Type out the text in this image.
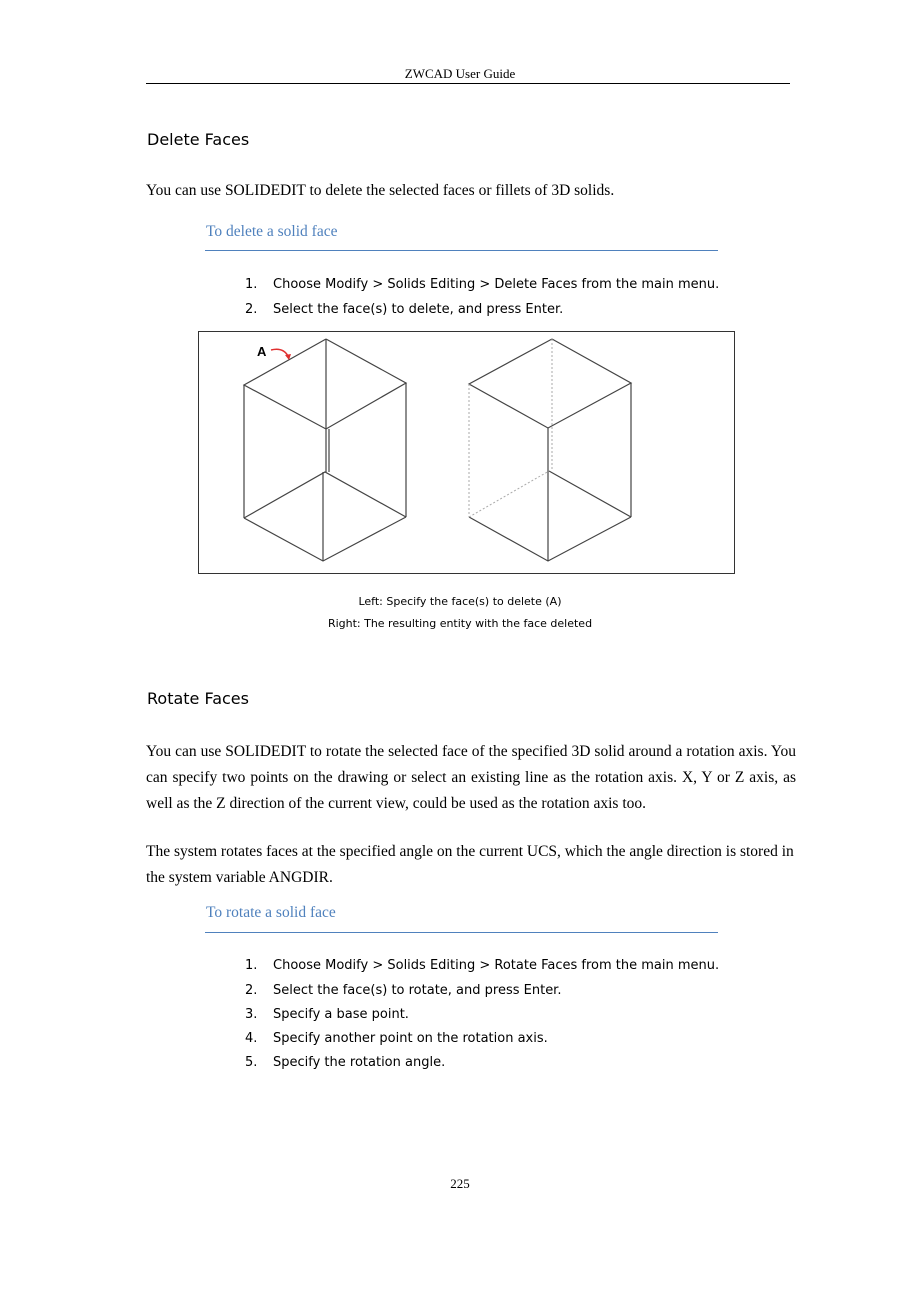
ZWCAD User Guide
Delete Faces
You can use SOLIDEDIT to delete the selected faces or fillets of 3D solids.
To delete a solid face
1. Choose Modify > Solids Editing > Delete Faces from the main menu.
2. Select the face(s) to delete, and press Enter.
A
Left: Specify the face(s) to delete (A)
Right: The resulting entity with the face deleted
Rotate Faces
You can use SOLIDEDIT to rotate the selected face of the specified 3D solid around a rotation axis. You can specify two points on the drawing or select an existing line as the rotation axis. X, Y or Z axis, as well as the Z direction of the current view, could be used as the rotation axis too.
The system rotates faces at the specified angle on the current UCS, which the angle direction is stored in the system variable ANGDIR.
To rotate a solid face
1. Choose Modify > Solids Editing > Rotate Faces from the main menu.
2. Select the face(s) to rotate, and press Enter.
3. Specify a base point.
4. Specify another point on the rotation axis.
5. Specify the rotation angle.
225
